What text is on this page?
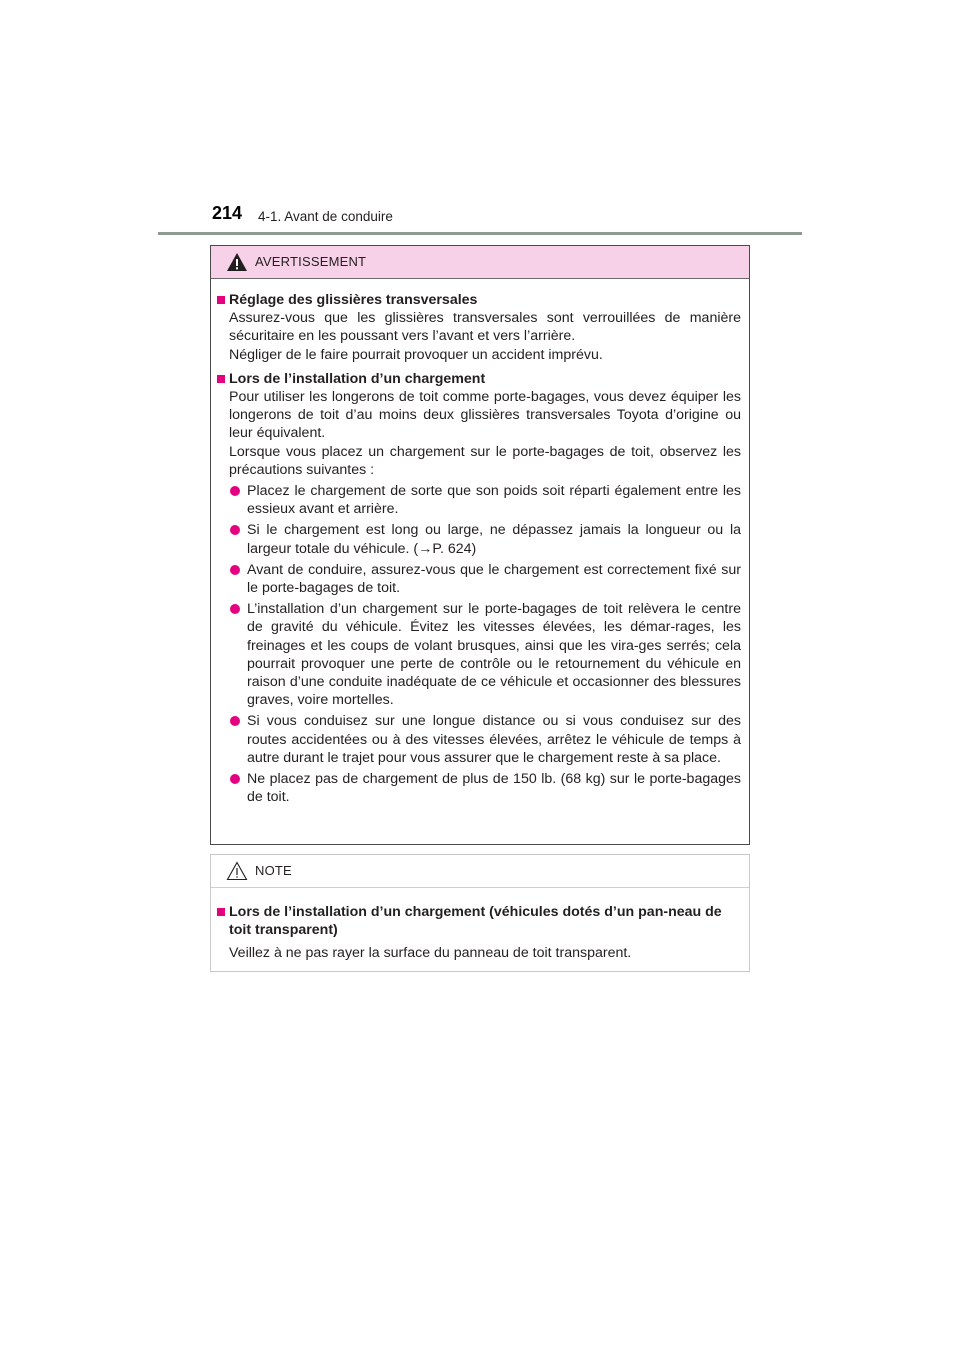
214 4-1. Avant de conduire
AVERTISSEMENT
Réglage des glissières transversales
Assurez-vous que les glissières transversales sont verrouillées de manière sécuritaire en les poussant vers l’avant et vers l’arrière.
Négliger de le faire pourrait provoquer un accident imprévu.
Lors de l’installation d’un chargement
Pour utiliser les longerons de toit comme porte-bagages, vous devez équiper les longerons de toit d’au moins deux glissières transversales Toyota d’origine ou leur équivalent.
Lorsque vous placez un chargement sur le porte-bagages de toit, observez les précautions suivantes :
Placez le chargement de sorte que son poids soit réparti également entre les essieux avant et arrière.
Si le chargement est long ou large, ne dépassez jamais la longueur ou la largeur totale du véhicule. (→P. 624)
Avant de conduire, assurez-vous que le chargement est correctement fixé sur le porte-bagages de toit.
L’installation d’un chargement sur le porte-bagages de toit relèvera le centre de gravité du véhicule. Évitez les vitesses élevées, les démar-rages, les freinages et les coups de volant brusques, ainsi que les vira-ges serrés; cela pourrait provoquer une perte de contrôle ou le retournement du véhicule en raison d’une conduite inadéquate de ce véhicule et occasionner des blessures graves, voire mortelles.
Si vous conduisez sur une longue distance ou si vous conduisez sur des routes accidentées ou à des vitesses élevées, arrêtez le véhicule de temps à autre durant le trajet pour vous assurer que le chargement reste à sa place.
Ne placez pas de chargement de plus de 150 lb. (68 kg) sur le porte-bagages de toit.
NOTE
Lors de l’installation d’un chargement (véhicules dotés d’un pan-neau de toit transparent)
Veillez à ne pas rayer la surface du panneau de toit transparent.
